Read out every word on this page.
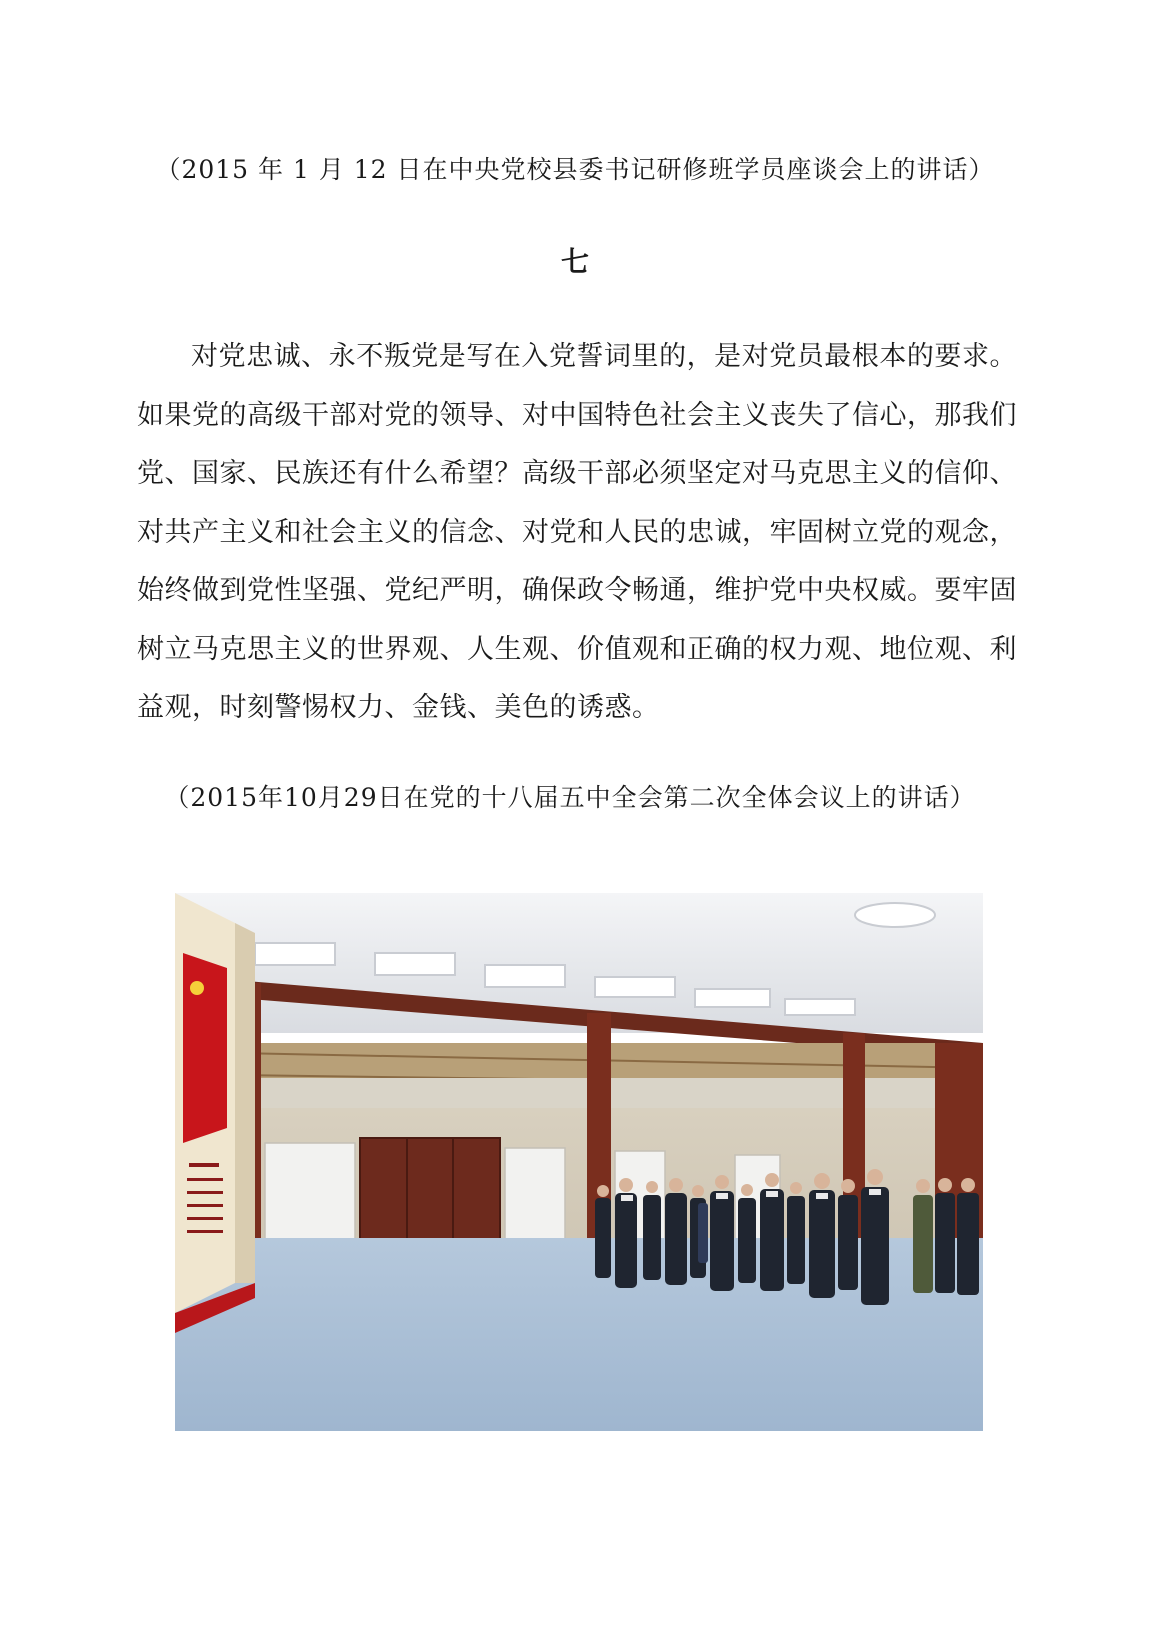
（2015 年 1 月 12 日在中央党校县委书记研修班学员座谈会上的讲话）
七

对党忠诚、永不叛党是写在入党誓词里的，是对党员最根本的要求。如果党的高级干部对党的领导、对中国特色社会主义丧失了信心，那我们党、国家、民族还有什么希望？高级干部必须坚定对马克思主义的信仰、对共产主义和社会主义的信念、对党和人民的忠诚，牢固树立党的观念，始终做到党性坚强、党纪严明，确保政令畅通，维护党中央权威。要牢固树立马克思主义的世界观、人生观、价值观和正确的权力观、地位观、利益观，时刻警惕权力、金钱、美色的诱惑。

（2015年10月29日在党的十八届五中全会第二次全体会议上的讲话）
